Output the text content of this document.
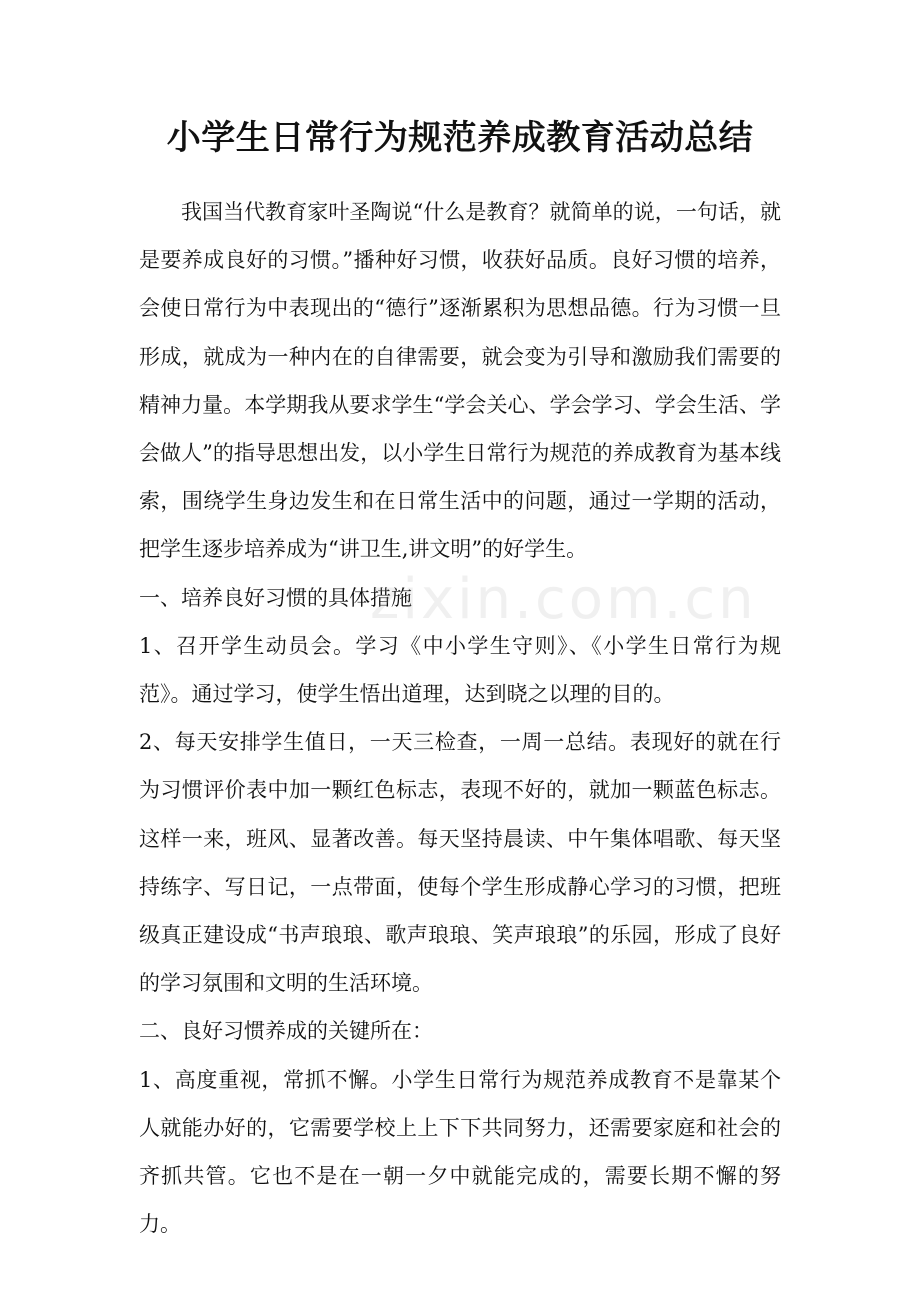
小学生日常行为规范养成教育活动总结

我国当代教育家叶圣陶说“什么是教育？就简单的说，一句话，就是要养成良好的习惯。”播种好习惯，收获好品质。良好习惯的培养，会使日常行为中表现出的“德行”逐渐累积为思想品德。行为习惯一旦形成，就成为一种内在的自律需要，就会变为引导和激励我们需要的精神力量。本学期我从要求学生“学会关心、学会学习、学会生活、学会做人”的指导思想出发，以小学生日常行为规范的养成教育为基本线索，围绕学生身边发生和在日常生活中的问题，通过一学期的活动，把学生逐步培养成为“讲卫生,讲文明”的好学生。

一、培养良好习惯的具体措施

1、召开学生动员会。学习《中小学生守则》、《小学生日常行为规范》。通过学习，使学生悟出道理，达到晓之以理的目的。

2、每天安排学生值日，一天三检查，一周一总结。表现好的就在行为习惯评价表中加一颗红色标志，表现不好的，就加一颗蓝色标志。这样一来，班风、显著改善。每天坚持晨读、中午集体唱歌、每天坚持练字、写日记，一点带面，使每个学生形成静心学习的习惯，把班级真正建设成“书声琅琅、歌声琅琅、笑声琅琅”的乐园，形成了良好的学习氛围和文明的生活环境。

二、良好习惯养成的关键所在：

1、高度重视，常抓不懈。小学生日常行为规范养成教育不是靠某个人就能办好的，它需要学校上上下下共同努力，还需要家庭和社会的齐抓共管。它也不是在一朝一夕中就能完成的，需要长期不懈的努力。

zixin.com.cn
